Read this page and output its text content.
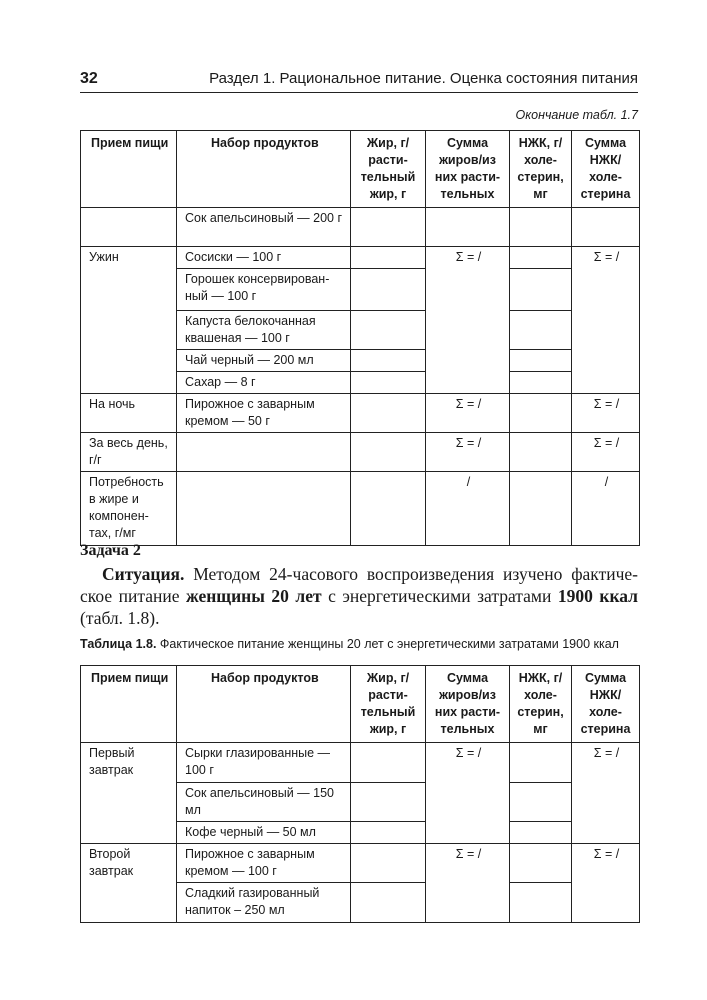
32	Раздел 1. Рациональное питание. Оценка состояния питания
Окончание табл. 1.7
Прием пищи	Набор продуктов	Жир, г/расти-тельный жир, г	Сумма жиров/из них расти-тельных	НЖК, г/холе-стерин, мг	Сумма НЖК/ холе-стерина
	Сок апельсиновый — 200 г				
Ужин	Сосиски — 100 г		Σ = /		Σ = /
	Горошек консервирован-ный — 100 г				
	Капуста белокочанная квашеная — 100 г				
	Чай черный — 200 мл				
	Сахар — 8 г				
На ночь	Пирожное с заварным кремом — 50 г		Σ = /		Σ = /
За весь день, г/г			Σ = /		Σ = /
Потребность в жире и компонен-тах, г/мг			/		/
Задача 2
Ситуация. Методом 24-часового воспроизведения изучено фактиче-ское питание женщины 20 лет с энергетическими затратами 1900 ккал (табл. 1.8).
Таблица 1.8. Фактическое питание женщины 20 лет с энергетическими затратами 1900 ккал
Прием пищи	Набор продуктов	Жир, г/расти-тельный жир, г	Сумма жиров/из них расти-тельных	НЖК, г/холе-стерин, мг	Сумма НЖК/ холе-стерина
Первый завтрак	Сырки глазированные — 100 г		Σ = /		Σ = /
	Сок апельсиновый — 150 мл				
	Кофе черный — 50 мл				
Второй завтрак	Пирожное с заварным кремом — 100 г		Σ = /		Σ = /
	Сладкий газированный напиток – 250 мл				
